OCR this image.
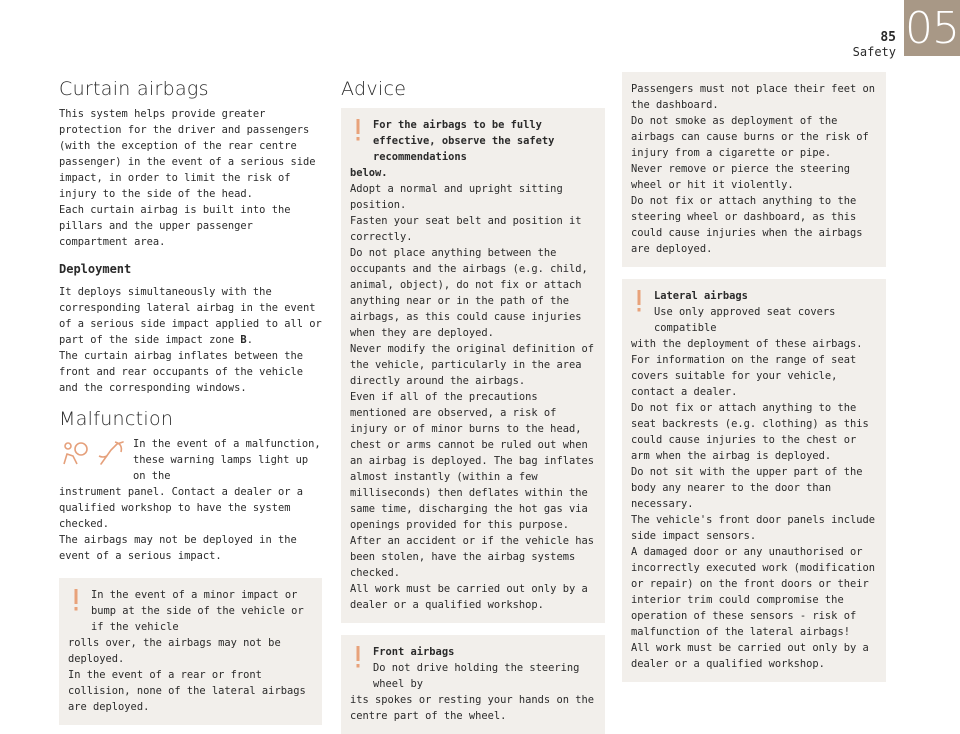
85
Safety 05
Curtain airbags

This system helps provide greater protection for the driver and passengers (with the exception of the rear centre passenger) in the event of a serious side impact, in order to limit the risk of injury to the side of the head.

Each curtain airbag is built into the pillars and the upper passenger compartment area.

Deployment

It deploys simultaneously with the corresponding lateral airbag in the event of a serious side impact applied to all or part of the side impact zone B.

The curtain airbag inflates between the front and rear occupants of the vehicle and the corresponding windows.

Malfunction

In the event of a malfunction, these warning lamps light up on the

instrument panel. Contact a dealer or a qualified workshop to have the system checked.

The airbags may not be deployed in the event of a serious impact.

In the event of a minor impact or bump at the side of the vehicle or if the vehicle

rolls over, the airbags may not be deployed.

In the event of a rear or front collision, none of the lateral airbags are deployed.

Advice

For the airbags to be fully effective, observe the safety recommendations

below.

Adopt a normal and upright sitting position.

Fasten your seat belt and position it correctly.

Do not place anything between the occupants and the airbags (e.g. child, animal, object), do not fix or attach anything near or in the path of the airbags, as this could cause injuries when they are deployed.

Never modify the original definition of the vehicle, particularly in the area directly around the airbags.

Even if all of the precautions mentioned are observed, a risk of injury or of minor burns to the head, chest or arms cannot be ruled out when an airbag is deployed. The bag inflates almost instantly (within a few milliseconds) then deflates within the same time, discharging the hot gas via openings provided for this purpose.

After an accident or if the vehicle has been stolen, have the airbag systems checked.

All work must be carried out only by a dealer or a qualified workshop.

Front airbags

Do not drive holding the steering wheel by

its spokes or resting your hands on the centre part of the wheel.

Passengers must not place their feet on the dashboard.

Do not smoke as deployment of the airbags can cause burns or the risk of injury from a cigarette or pipe.

Never remove or pierce the steering wheel or hit it violently.

Do not fix or attach anything to the steering wheel or dashboard, as this could cause injuries when the airbags are deployed.

Lateral airbags

Use only approved seat covers compatible

with the deployment of these airbags. For information on the range of seat covers suitable for your vehicle, contact a dealer.

Do not fix or attach anything to the seat backrests (e.g. clothing) as this could cause injuries to the chest or arm when the airbag is deployed.

Do not sit with the upper part of the body any nearer to the door than necessary.

The vehicle's front door panels include side impact sensors.

A damaged door or any unauthorised or incorrectly executed work (modification or repair) on the front doors or their interior trim could compromise the operation of these sensors - risk of malfunction of the lateral airbags!

All work must be carried out only by a dealer or a qualified workshop.
